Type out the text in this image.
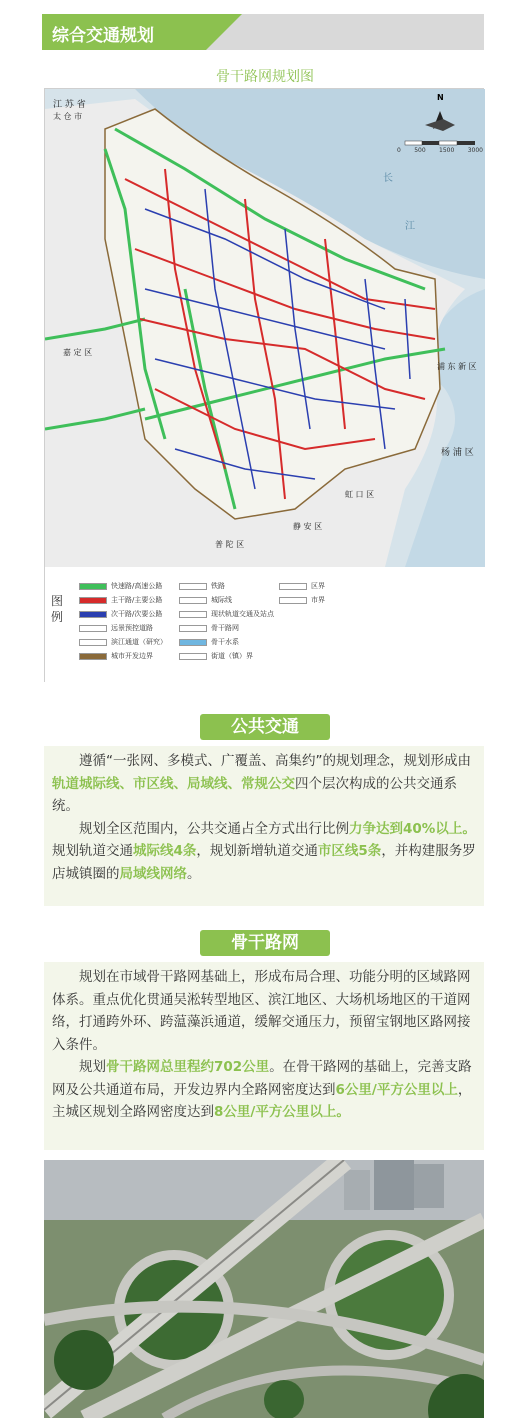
综合交通规划
骨干路网规划图
N
0 500 1500 3000
江 苏 省
太 仓 市
嘉 定 区
浦 东 新 区
杨 浦 区
虹 口 区
静 安 区
普 陀 区
长
江
图例
快速路/高速公路
主干路/主要公路
次干路/次要公路
远景预控道路
滨江通道（研究）
城市开发边界
铁路
城际线
现状轨道交通及站点
骨干路网
骨干水系
街道（镇）界
区界
市界
公共交通

遵循“一张网、多模式、广覆盖、高集约”的规划理念，规划形成由轨道城际线、市区线、局域线、常规公交四个层次构成的公共交通系统。

规划全区范围内，公共交通占全方式出行比例力争达到40%以上。规划轨道交通城际线4条，规划新增轨道交通市区线5条，并构建服务罗店城镇圈的局域线网络。

骨干路网

规划在市域骨干路网基础上，形成布局合理、功能分明的区域路网体系。重点优化贯通吴淞转型地区、滨江地区、大场机场地区的干道网络，打通跨外环、跨蕰藻浜通道，缓解交通压力，预留宝钢地区路网接入条件。

规划骨干路网总里程约702公里。在骨干路网的基础上，完善支路网及公共通道布局，开发边界内全路网密度达到6公里/平方公里以上，主城区规划全路网密度达到8公里/平方公里以上。
